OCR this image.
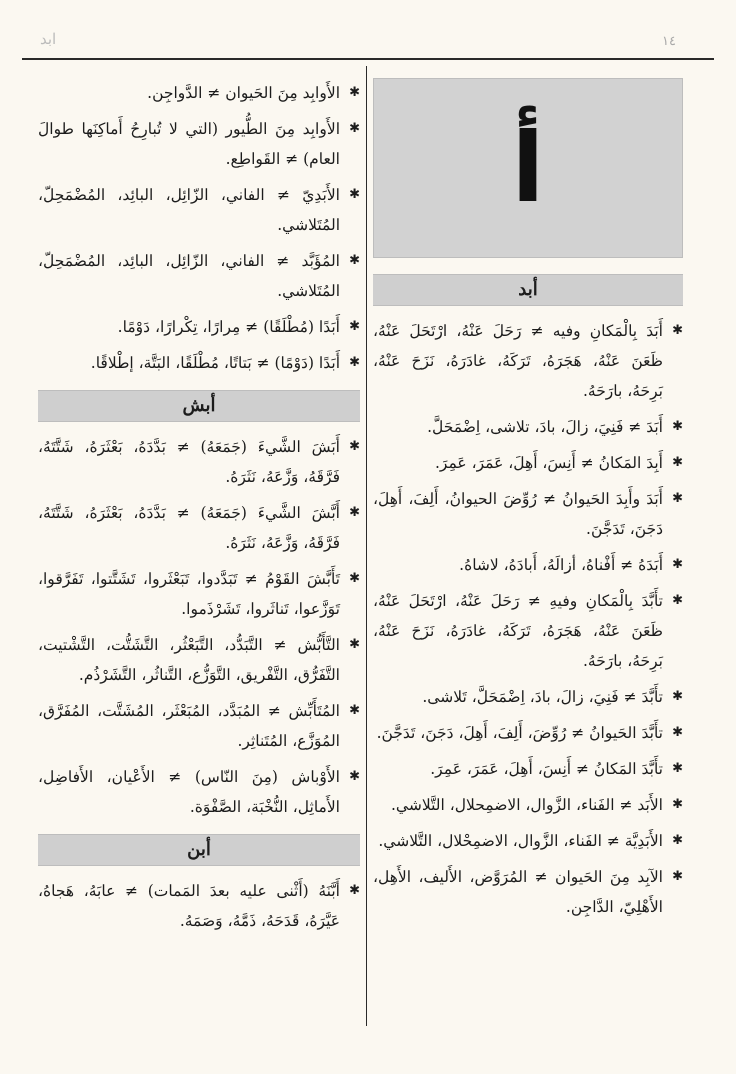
١٤
ابد
أ
أبد

✱
أَبَدَ بِالْمَكانِ وفيه ≠ رَحَلَ عَنْهُ، ارْتَحَلَ عَنْهُ، ظَعَنَ عَنْهُ، هَجَرَهُ، تَرَكَهُ، غادَرَهُ، نَزَحَ عَنْهُ، بَرِحَهُ، بارَحَهُ.

✱
أَبَدَ ≠ فَنِيَ، زالَ، بادَ، تلاشى، اِضْمَحَلَّ.

✱
أَبِدَ المَكانُ ≠ أَنِسَ، أَهِلَ، عَمَرَ، عَمِرَ.

✱
أَبَدَ وأَبِدَ الحَيوانُ ≠ رُوِّضَ الحيوانُ، أَلِفَ، أَهِلَ، دَجَنَ، تَدَجَّنَ.

✱
أَبَدَهُ ≠ أَفْناهُ، أزالَهُ، أَبادَهُ، لاشاهُ.

✱
تأَبَّدَ بِالْمَكانِ وفيهِ ≠ رَحَلَ عَنْهُ، ارْتَحَلَ عَنْهُ، ظَعَنَ عَنْهُ، هَجَرَهُ، تَرَكَهُ، غادَرَهُ، نَزَحَ عَنْهُ، بَرِحَهُ، بارَحَهُ.

✱
تأَبَّدَ ≠ فَنِيَ، زالَ، بادَ، اِضْمَحَلَّ، تَلاشى.

✱
تأَبَّدَ الحَيوانُ ≠ رُوِّضَ، أَلِفَ، أَهِلَ، دَجَنَ، تَدَجَّنَ.

✱
تأَبَّدَ المَكانُ ≠ أَنِسَ، أَهِلَ، عَمَرَ، عَمِرَ.

✱
الأَبَد ≠ الفَناء، الزَّوال، الاضمِحلال، التَّلاشي.

✱
الأَبَدِيَّة ≠ الفَناء، الزَّوال، الاضمِحْلال، التَّلاشي.

✱
الآبِد مِنَ الحَيوان ≠ المُرَوَّض، الأَليف، الأَهِل، الأَهْلِيّ، الدَّاجِن.

✱
الأَوابِد مِنَ الحَيوان ≠ الدَّواجِن.

✱
الأَوابِد مِنَ الطُّيور (التي لا تُبارِحُ أَماكِنَها طوالَ العام) ≠ القَواطِع.

✱
الأَبَدِيّ ≠ الفاني، الزّائِل، البائِد، المُضْمَحِلّ، المُتَلاشي.

✱
المُؤَبَّد ≠ الفاني، الزّائِل، البائِد، المُضْمَحِلّ، المُتَلاشي.

✱
أَبَدًا (مُطْلَقًا) ≠ مِرارًا، تِكْرارًا، دَوْمًا.

✱
أَبَدًا (دَوْمًا) ≠ بَتاتًا، مُطْلَقًا، البَتَّة، إطْلاقًا.

أبش

✱
أَبَشَ الشَّيءَ (جَمَعَهُ) ≠ بَدَّدَهُ، بَعْثَرَهُ، شَتَّتَهُ، فَرَّقَهُ، وَزَّعَهُ، نَثَرَهُ.

✱
أَبَّشَ الشَّيءَ (جَمَعَهُ) ≠ بَدَّدَهُ، بَعْثَرَهُ، شَتَّتَهُ، فَرَّقَهُ، وَزَّعَهُ، نَثَرَهُ.

✱
تَأَبَّشَ القَوْمُ ≠ تَبَدَّدوا، تَبَعْثَروا، تَشَتَّتوا، تَفَرَّقوا، تَوَزَّعوا، تَناثَروا، تَشَرْذَموا.

✱
التَّأَبُّش ≠ التَّبَدُّد، التَّبَعْثُر، التَّشَتُّت، التَّشْتيت، التَّفَرُّق، التَّفْريق، التَّوَزُّع، التَّناثُر، التَّشَرْذُم.

✱
المُتَأَبِّش ≠ المُبَدَّد، المُبَعْثَر، المُشَتَّت، المُفَرَّق، المُوَزَّع، المُتَناثِر.

✱
الأَوْباش (مِنَ النّاس) ≠ الأَعْيان، الأَفاضِل، الأَماثِل، النُّخْبَة، الصَّفْوَة.

أبن

✱
أَبَّنَهُ (أَثْنى عليه بعدَ المَمات) ≠ عابَهُ، هَجاهُ، عَيَّرَهُ، قَدَحَهُ، ذَمَّهُ، وَصَمَهُ.
